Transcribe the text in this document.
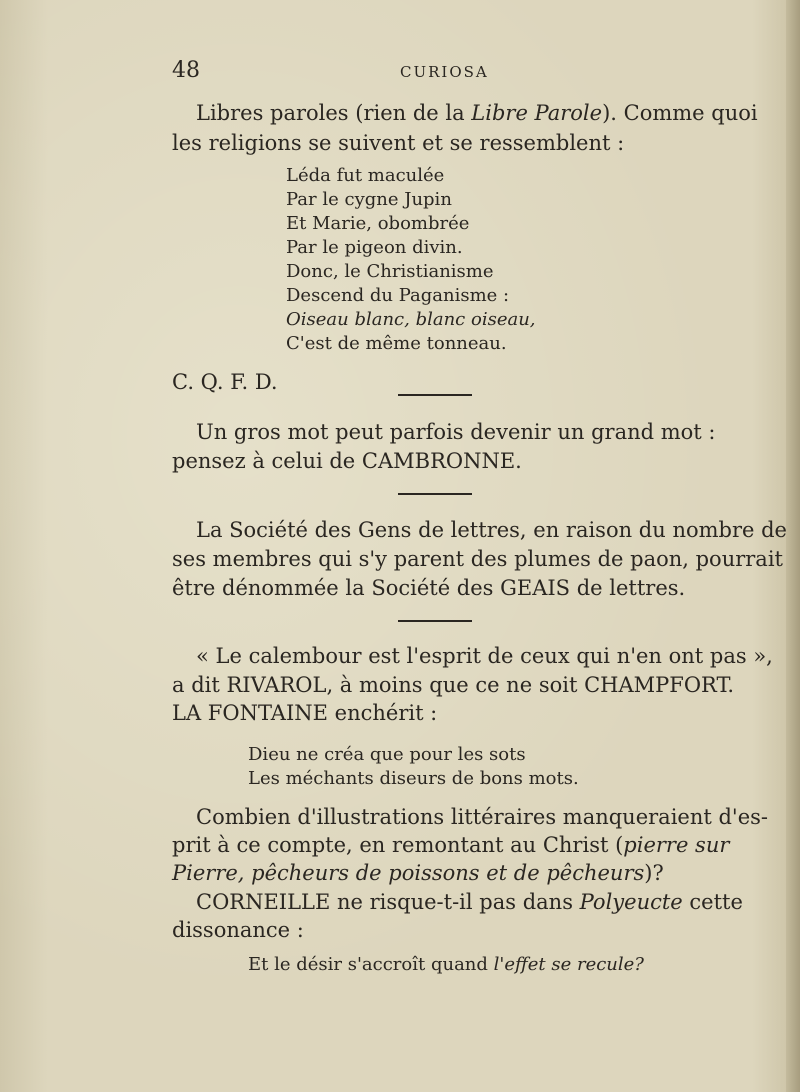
48	CURIOSA
Libres paroles (rien de la Libre Parole). Comme quoi
les religions se suivent et se ressemblent :
Léda fut maculée
Par le cygne Jupin
Et Marie, obombrée
Par le pigeon divin.
Donc, le Christianisme
Descend du Paganisme :
Oiseau blanc, blanc oiseau,
C'est de même tonneau.
C. Q. F. D.
Un gros mot peut parfois devenir un grand mot :
pensez à celui de CAMBRONNE.
La Société des Gens de lettres, en raison du nombre de
ses membres qui s'y parent des plumes de paon, pourrait
être dénommée la Société des GEAIS de lettres.
« Le calembour est l'esprit de ceux qui n'en ont pas »,
a dit RIVAROL, à moins que ce ne soit CHAMPFORT.
LA FONTAINE enchérit :
Dieu ne créa que pour les sots
Les méchants diseurs de bons mots.
Combien d'illustrations littéraires manqueraient d'es-
prit à ce compte, en remontant au Christ (pierre sur
Pierre, pêcheurs de poissons et de pêcheurs)?
CORNEILLE ne risque-t-il pas dans Polyeucte cette
dissonance :
Et le désir s'accroît quand l'effet se recule?
